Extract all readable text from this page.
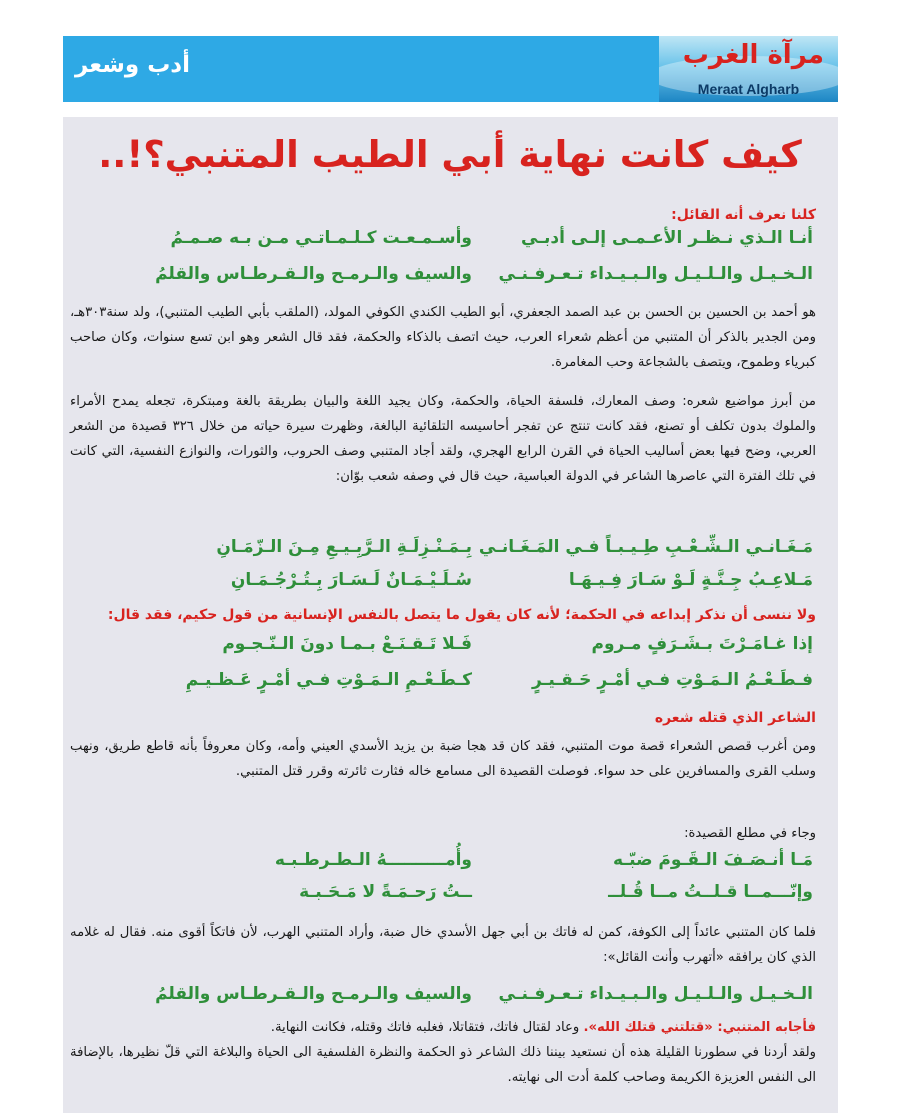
أدب وشعر	مرآة الغرب
Meraat Algharb
كيف كانت نهاية أبي الطيب المتنبي؟!..
كلنا نعرف أنه القائل:
أنـا الـذي نـظـر الأعـمـى إلـى أدبـي
وأسـمـعـت كـلـمـاتـي مـن بـه صـمـمُ
الـخـيـل والـلـيـل والـبـيـداء تـعـرفـنـي
والسيف والـرمـح والـقـرطـاس والقلمُ
هو أحمد بن الحسين بن الحسن بن عبد الصمد الجعفري، أبو الطيب الكندي الكوفي المولد، (الملقب بأبي الطيب المتنبي)، ولد سنة٣٠٣هـ، ومن الجدير بالذكر أن المتنبي من أعظم شعراء العرب، حيث اتصف بالذكاء والحكمة، فقد قال الشعر وهو ابن تسع سنوات، وكان صاحب كبرياء وطموح، ويتصف بالشجاعة وحب المغامرة.
من أبرز مواضيع شعره: وصف المعارك، فلسفة الحياة، والحكمة، وكان يجيد اللغة والبيان بطريقة بالغة ومبتكرة، تجعله يمدح الأمراء والملوك بدون تكلف أو تصنع، فقد كانت تنتج عن تفجر أحاسيسه التلقائية البالغة، وظهرت سيرة حياته من خلال ٣٢٦ قصيدة من الشعر العربي، وضح فيها بعض أساليب الحياة في القرن الرابع الهجري، ولقد أجاد المتنبي وصف الحروب، والثورات، والنوازع النفسية، التي كانت في تلك الفترة التي عاصرها الشاعر في الدولة العباسية، حيث قال في وصفه شعب بوّان:
مَـغَـانـي الـشِّـعْـبِ طِـيـبـاً فـي المَـغَـانـي
بِـمَـنْـزِلَـةِ الـرَّبِـيـعِ مِـنَ الـزّمَـانِ
مَـلاعِـبُ جِـنَّـةٍ لَـوْ سَـارَ فِـيـهَـا
سُـلَـيْـمَـانٌ لَـسَـارَ بِـتُـرْجُـمَـانِ
ولا ننسى أن نذكر إبداعه في الحكمة؛ لأنه كان يقول ما يتصل بالنفس الإنسانية من قول حكيم، فقد قال:
إذا غـامَـرْتَ بـشَـرَفٍ مـروم
فَـلا تَـقـنَـعْ بـمـا دونَ الـنّـجـوم
فـطَـعْـمُ الـمَـوْتِ فـي أمْـرٍ حَـقـيـرٍ
كـطَـعْـمِ الـمَـوْتِ فـي أمْـرٍ عَـظـيـمِ
الشاعر الذي قتله شعره
ومن أغرب قصص الشعراء قصة موت المتنبي، فقد كان قد هجا ضبة بن يزيد الأسدي العيني وأمه، وكان معروفاً بأنه قاطع طريق، ونهب وسلب القرى والمسافرين على حد سواء. فوصلت القصيدة الى مسامع خاله فثارت ثائرته وقرر قتل المتنبي.
وجاء في مطلع القصيدة:
مَـا أنـصَـفَ الـقَـومَ ضبّـه
وأُمــــــــــهُ الـطـرطـبـه
وإنّـــمــا قـلــتُ مــا قُـلــ
ــتُ رَحـمَـةً لا مَـحَـبـة
فلما كان المتنبي عائداً إلى الكوفة، كمن له فاتك بن أبي جهل الأسدي خال ضبة، وأراد المتنبي الهرب، لأن فاتكاً أقوى منه. فقال له غلامه الذي كان يرافقه «أتهرب وأنت القائل»:
الـخـيـل والـلـيـل والـبـيـداء تـعـرفـنـي
والسيف والـرمـح والـقـرطـاس والقلمُ
فأجابه المتنبي: «قتلتني قتلك الله». وعاد لقتال فاتك، فتقاتلا، فغلبه فاتك وقتله، فكانت النهاية.
ولقد أردنا في سطورنا القليلة هذه أن نستعيد بيننا ذلك الشاعر ذو الحكمة والنظرة الفلسفية الى الحياة والبلاغة التي قلّ نظيرها، بالإضافة الى النفس العزيزة الكريمة وصاحب كلمة أدت الى نهايته.
